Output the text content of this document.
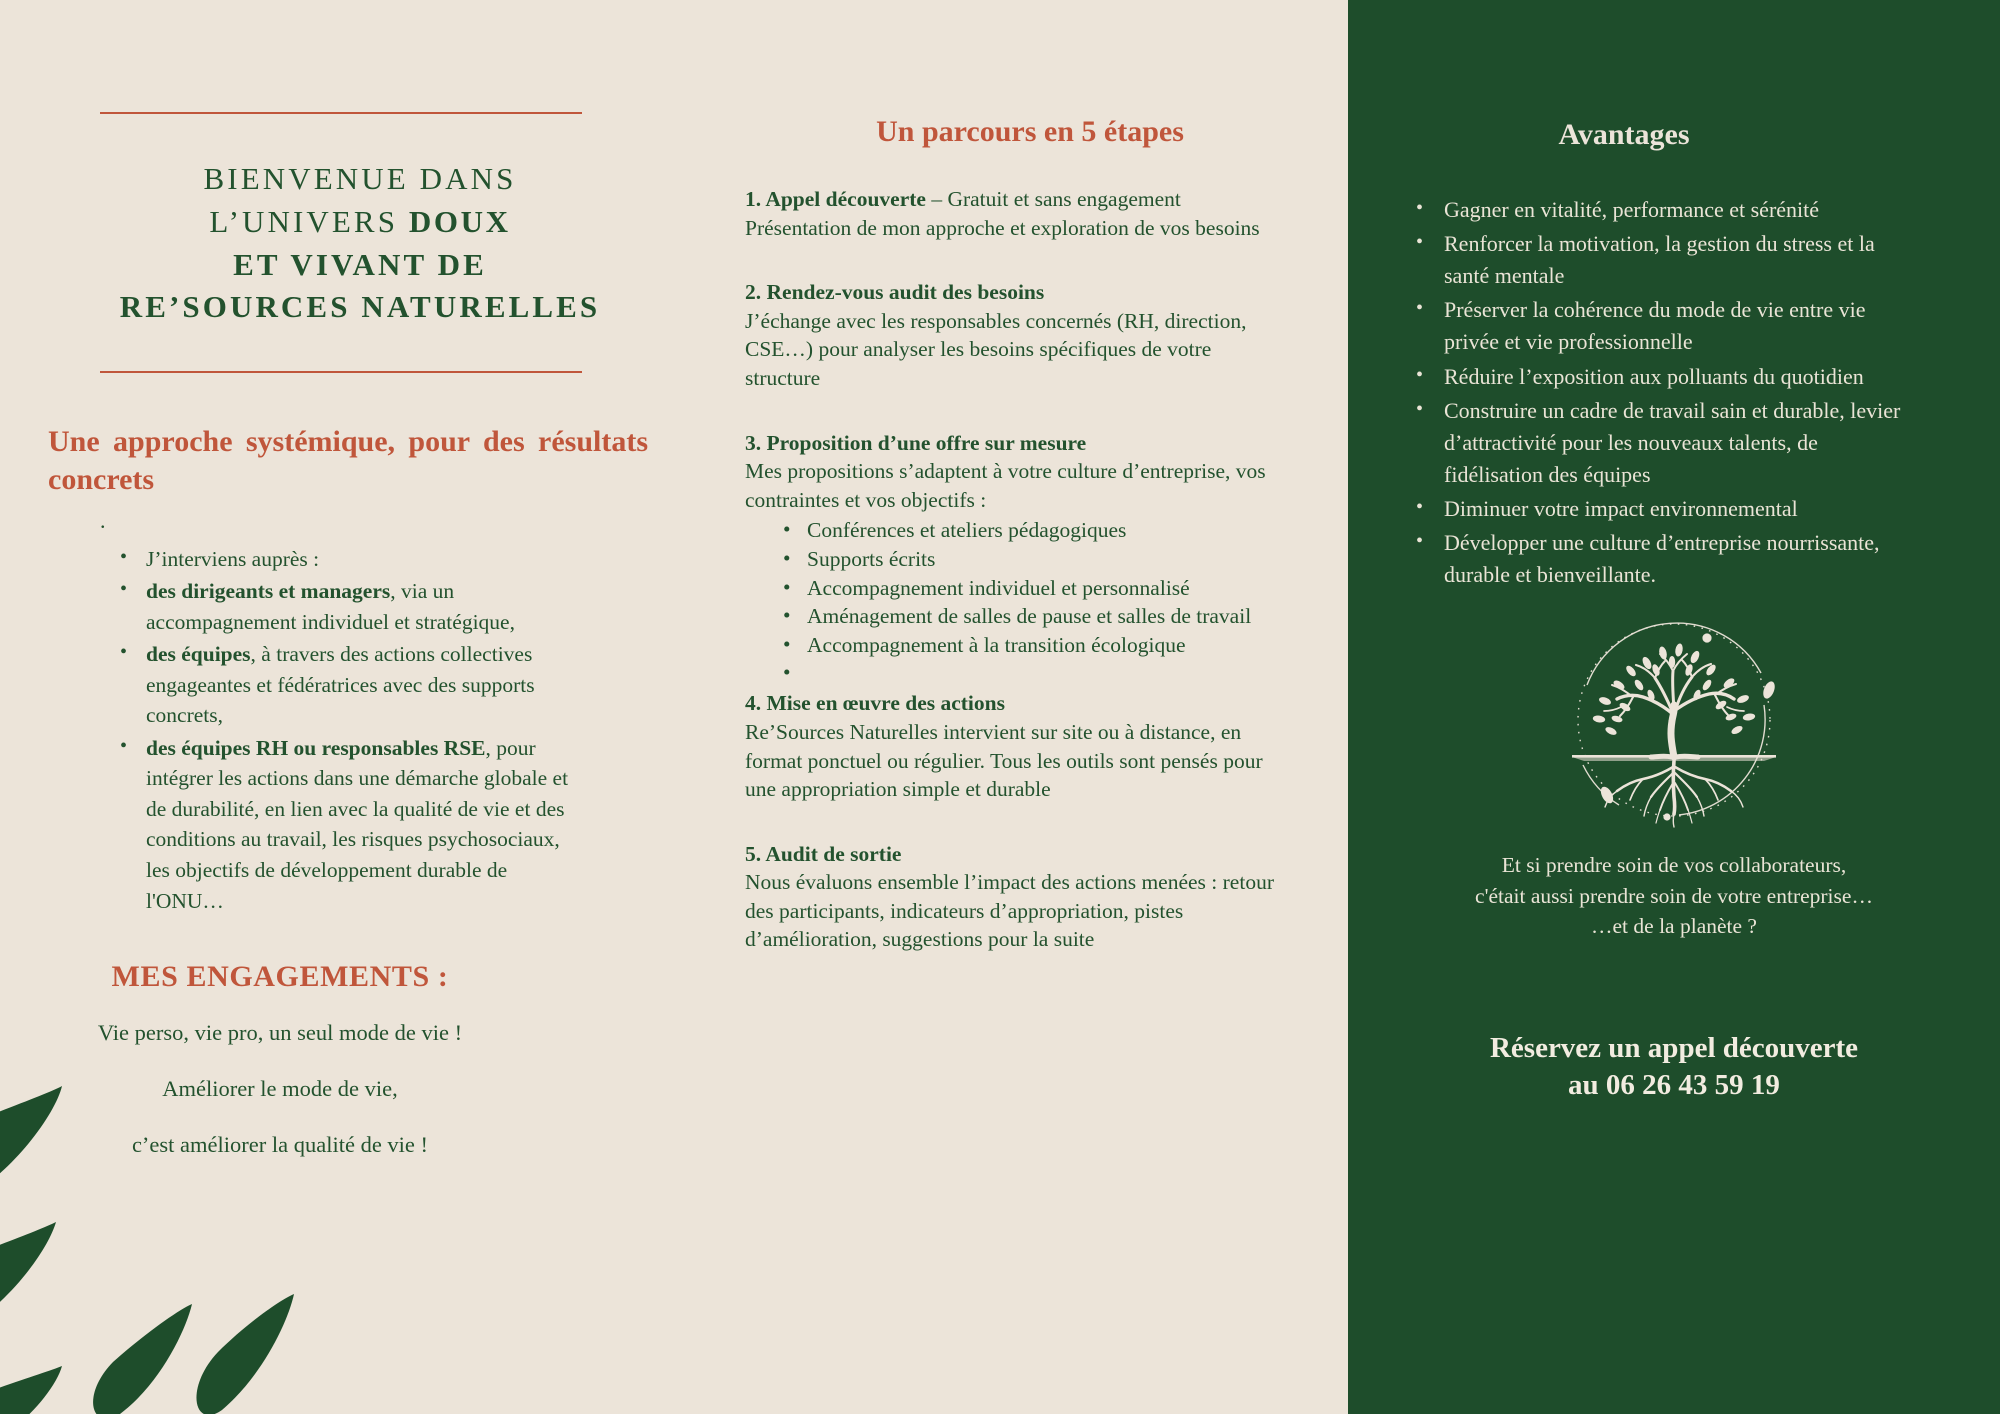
BIENVENUE DANS
L’UNIVERS DOUX
ET VIVANT DE
RE’SOURCES NATURELLES
Une approche systémique, pour des résultats concrets
.
• J’interviens auprès :
• des dirigeants et managers, via un accompagnement individuel et stratégique,
• des équipes, à travers des actions collectives engageantes et fédératrices avec des supports concrets,
• des équipes RH ou responsables RSE, pour intégrer les actions dans une démarche globale et de durabilité, en lien avec la qualité de vie et des conditions au travail, les risques psychosociaux, les objectifs de développement durable de l'ONU…
MES ENGAGEMENTS :
Vie perso, vie pro, un seul mode de vie !
Améliorer le mode de vie,
c’est améliorer la qualité de vie !
Un parcours en 5 étapes
1. Appel découverte – Gratuit et sans engagement
Présentation de mon approche et exploration de vos besoins
2. Rendez-vous audit des besoins
J’échange avec les responsables concernés (RH, direction, CSE…) pour analyser les besoins spécifiques de votre structure
3. Proposition d’une offre sur mesure
Mes propositions s’adaptent à votre culture d’entreprise, vos contraintes et vos objectifs :
• Conférences et ateliers pédagogiques
• Supports écrits
• Accompagnement individuel et personnalisé
• Aménagement de salles de pause et salles de travail
• Accompagnement à la transition écologique
•
4. Mise en œuvre des actions
Re’Sources Naturelles intervient sur site ou à distance, en format ponctuel ou régulier. Tous les outils sont pensés pour une appropriation simple et durable
5. Audit de sortie
Nous évaluons ensemble l’impact des actions menées : retour des participants, indicateurs d’appropriation, pistes d’amélioration, suggestions pour la suite
Avantages
• Gagner en vitalité, performance et sérénité
• Renforcer la motivation, la gestion du stress et la santé mentale
• Préserver la cohérence du mode de vie entre vie privée et vie professionnelle
• Réduire l’exposition aux polluants du quotidien
• Construire un cadre de travail sain et durable, levier d’attractivité pour les nouveaux talents, de fidélisation des équipes
• Diminuer votre impact environnemental
• Développer une culture d’entreprise nourrissante, durable et bienveillante.
Et si prendre soin de vos collaborateurs,
c'était aussi prendre soin de votre entreprise…
…et de la planète ?
Réservez un appel découverte
au 06 26 43 59 19
